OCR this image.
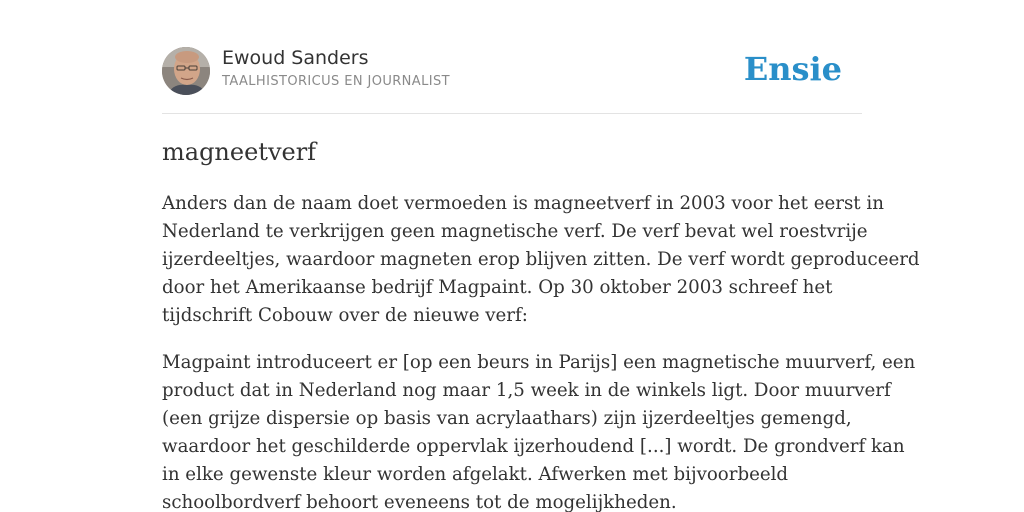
Ewoud Sanders
TAALHISTORICUS EN JOURNALIST	Ensie
magneetverf

Anders dan de naam doet vermoeden is magneetverf in 2003 voor het eerst in
Nederland te verkrijgen geen magnetische verf. De verf bevat wel roestvrije
ijzerdeeltjes, waardoor magneten erop blijven zitten. De verf wordt geproduceerd
door het Amerikaanse bedrijf Magpaint. Op 30 oktober 2003 schreef het
tijdschrift Cobouw over de nieuwe verf:

Magpaint introduceert er [op een beurs in Parijs] een magnetische muurverf, een
product dat in Nederland nog maar 1,5 week in de winkels ligt. Door muurverf
(een grijze dispersie op basis van acrylaathars) zijn ijzerdeeltjes gemengd,
waardoor het geschilderde oppervlak ijzerhoudend [...] wordt. De grondverf kan
in elke gewenste kleur worden afgelakt. Afwerken met bijvoorbeeld
schoolbordverf behoort eveneens tot de mogelijkheden.
